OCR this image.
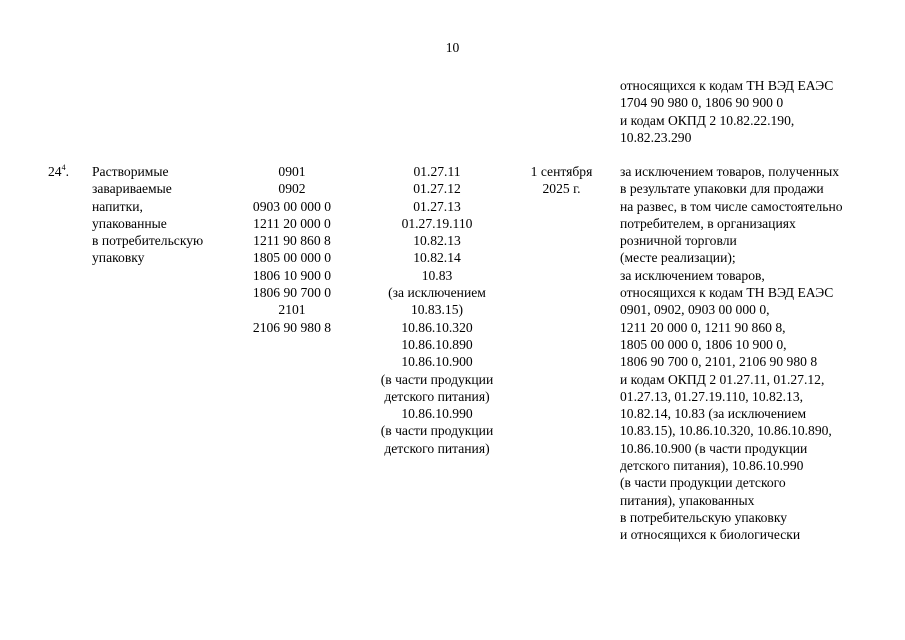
10
относящихся к кодам ТН ВЭД ЕАЭС
1704 90 980 0, 1806 90 900 0
и кодам ОКПД 2 10.82.22.190,
10.82.23.290
$24^4$. Растворимые
завариваемые
напитки,
упакованные
в потребительскую
упаковку
0901
0902
0903 00 000 0
1211 20 000 0
1211 90 860 8
1805 00 000 0
1806 10 900 0
1806 90 700 0
2101
2106 90 980 8
01.27.11
01.27.12
01.27.13
01.27.19.110
10.82.13
10.82.14
10.83
(за исключением
10.83.15)
10.86.10.320
10.86.10.890
10.86.10.900
(в части продукции
детского питания)
10.86.10.990
(в части продукции
детского питания)
1 сентября
2025 г.
за исключением товаров, полученных
в результате упаковки для продажи
на развес, в том числе самостоятельно
потребителем, в организациях
розничной торговли
(месте реализации);
за исключением товаров,
относящихся к кодам ТН ВЭД ЕАЭС
0901, 0902, 0903 00 000 0,
1211 20 000 0, 1211 90 860 8,
1805 00 000 0, 1806 10 900 0,
1806 90 700 0, 2101, 2106 90 980 8
и кодам ОКПД 2 01.27.11, 01.27.12,
01.27.13, 01.27.19.110, 10.82.13,
10.82.14, 10.83 (за исключением
10.83.15), 10.86.10.320, 10.86.10.890,
10.86.10.900 (в части продукции
детского питания), 10.86.10.990
(в части продукции детского
питания), упакованных
в потребительскую упаковку
и относящихся к биологически
